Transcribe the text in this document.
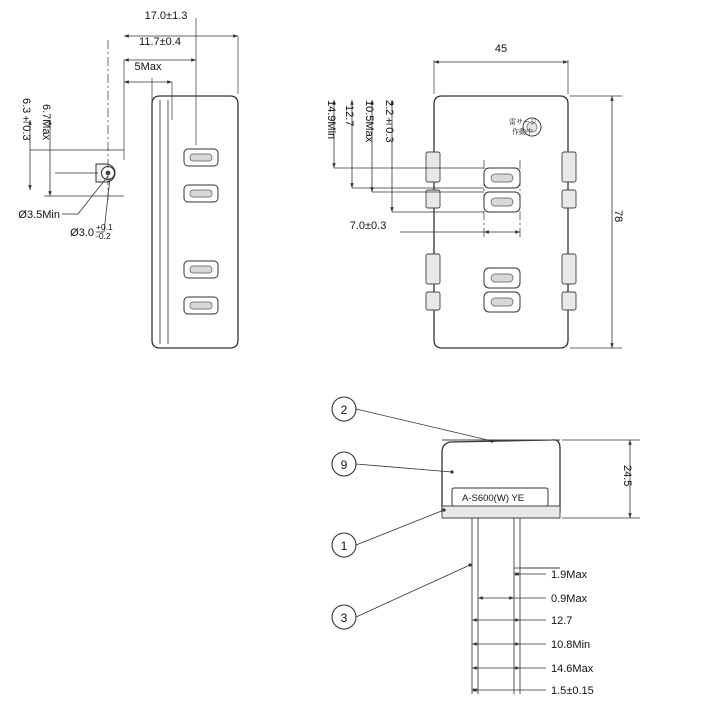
17.0±1.3
11.7±0.4
5Max
6.3±0.3 6.7Max
Ø3.5Min
Ø3.0 +0.1
-0.2
45
78
14.9Min 12.7 10.5Max 2.2±0.3
7.0±0.3
雷サージ
作動中
2
9
1
3
A-S600(W) YE
24.5
1.9Max
0.9Max
12.7
10.8Min
14.6Max
1.5±0.15
